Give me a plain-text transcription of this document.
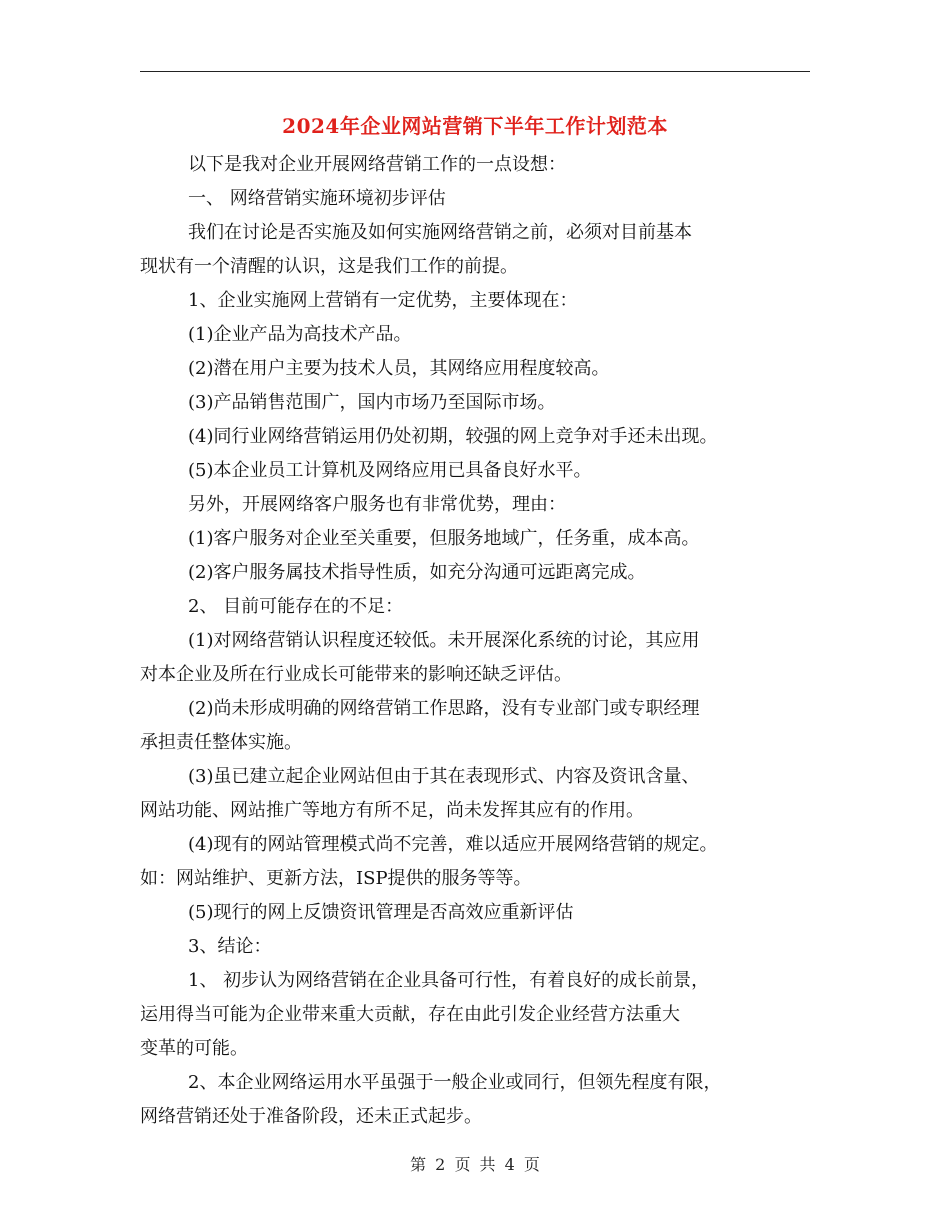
2024年企业网站营销下半年工作计划范本

以下是我对企业开展网络营销工作的一点设想：

一、 网络营销实施环境初步评估

我们在讨论是否实施及如何实施网络营销之前，必须对目前基本

现状有一个清醒的认识，这是我们工作的前提。

1、企业实施网上营销有一定优势，主要体现在：

(1)企业产品为高技术产品。

(2)潜在用户主要为技术人员，其网络应用程度较高。

(3)产品销售范围广，国内市场乃至国际市场。

(4)同行业网络营销运用仍处初期，较强的网上竞争对手还未出现。

(5)本企业员工计算机及网络应用已具备良好水平。

另外，开展网络客户服务也有非常优势，理由：

(1)客户服务对企业至关重要，但服务地域广，任务重，成本高。

(2)客户服务属技术指导性质，如充分沟通可远距离完成。

2、 目前可能存在的不足：

(1)对网络营销认识程度还较低。未开展深化系统的讨论，其应用

对本企业及所在行业成长可能带来的影响还缺乏评估。

(2)尚未形成明确的网络营销工作思路，没有专业部门或专职经理

承担责任整体实施。

(3)虽已建立起企业网站但由于其在表现形式、内容及资讯含量、

网站功能、网站推广等地方有所不足，尚未发挥其应有的作用。

(4)现有的网站管理模式尚不完善，难以适应开展网络营销的规定。

如：网站维护、更新方法，ISP提供的服务等等。

(5)现行的网上反馈资讯管理是否高效应重新评估

3、结论：

1、 初步认为网络营销在企业具备可行性，有着良好的成长前景，

运用得当可能为企业带来重大贡献，存在由此引发企业经营方法重大

变革的可能。

2、本企业网络运用水平虽强于一般企业或同行，但领先程度有限，

网络营销还处于准备阶段，还未正式起步。

第 2 页 共 4 页
